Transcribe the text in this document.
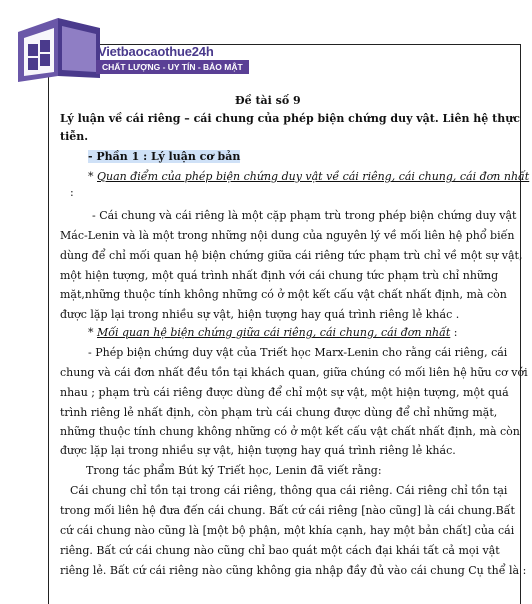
Vietbaocaothue24h
CHẤT LƯỢNG - UY TÍN - BẢO MẬT
Đề tài số 9
Lý luận về cái riêng – cái chung của phép biện chứng duy vật. Liên hệ thực
tiễn.
- Phần 1 : Lý luận cơ bản
* Quan điểm của phép biện chứng duy vật về cái riêng, cái chung, cái đơn nhất
:
- Cái chung và cái riêng là một cặp phạm trù trong phép biện chứng duy vật
Mác-Lenin và là một trong những nội dung của nguyên lý về mối liên hệ phổ biến
dùng để chỉ mối quan hệ biện chứng giữa cái riêng tức phạm trù chỉ về một sự vật,
một hiện tượng, một quá trình nhất định với cái chung tức phạm trù chỉ những
mặt,những thuộc tính không những có ở một kết cấu vật chất nhất định, mà còn
được lặp lại trong nhiều sự vật, hiện tượng hay quá trình riêng lẻ khác .
* Mối quan hệ biện chứng giữa cái riêng, cái chung, cái đơn nhất :
- Phép biện chứng duy vật của Triết học Marx-Lenin cho rằng cái riêng, cái
chung và cái đơn nhất đều tồn tại khách quan, giữa chúng có mối liên hệ hữu cơ với
nhau ; phạm trù cái riêng được dùng để chỉ một sự vật, một hiện tượng, một quá
trình riêng lẻ nhất định, còn phạm trù cái chung được dùng để chỉ những mặt,
những thuộc tính chung không những có ở một kết cấu vật chất nhất định, mà còn
được lặp lại trong nhiều sự vật, hiện tượng hay quá trình riêng lẻ khác.
Trong tác phẩm Bút ký Triết học, Lenin đã viết rằng:
Cái chung chỉ tồn tại trong cái riêng, thông qua cái riêng. Cái riêng chỉ tồn tại
trong mối liên hệ đưa đến cái chung. Bất cứ cái riêng [nào cũng] là cái chung.Bất
cứ cái chung nào cũng là [một bộ phận, một khía cạnh, hay một bản chất] của cái
riêng. Bất cứ cái chung nào cũng chỉ bao quát một cách đại khái tất cả mọi vật
riêng lẻ. Bất cứ cái riêng nào cũng không gia nhập đầy đủ vào cái chung Cụ thể là :
